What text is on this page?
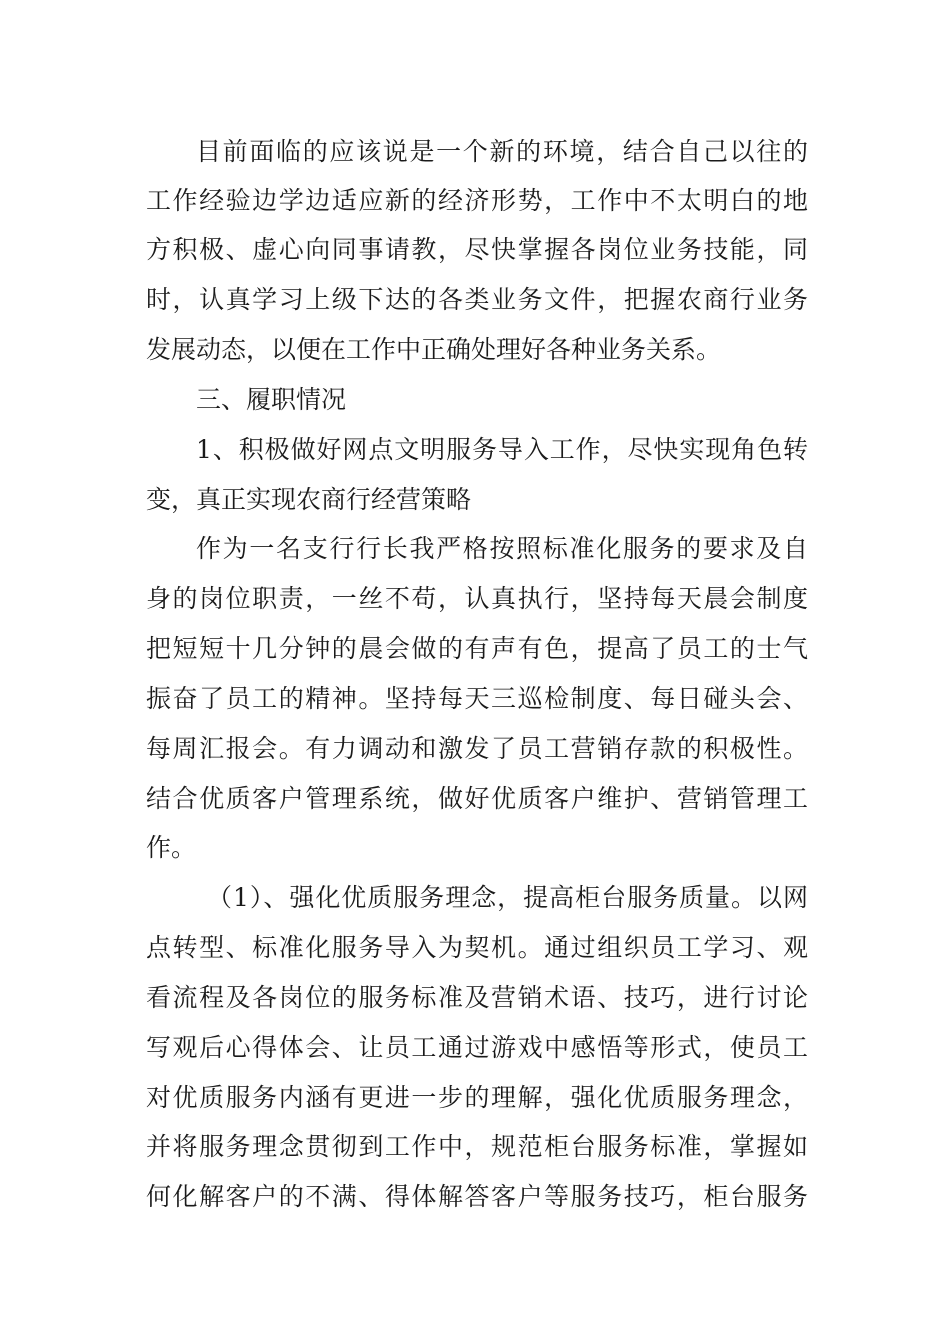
目前面临的应该说是一个新的环境，结合自己以往的
工作经验边学边适应新的经济形势，工作中不太明白的地
方积极、虚心向同事请教，尽快掌握各岗位业务技能，同
时，认真学习上级下达的各类业务文件，把握农商行业务
发展动态，以便在工作中正确处理好各种业务关系。
三、履职情况
1、积极做好网点文明服务导入工作，尽快实现角色转
变，真正实现农商行经营策略
作为一名支行行长我严格按照标准化服务的要求及自
身的岗位职责，一丝不苟，认真执行，坚持每天晨会制度
把短短十几分钟的晨会做的有声有色，提高了员工的士气
振奋了员工的精神。坚持每天三巡检制度、每日碰头会、
每周汇报会。有力调动和激发了员工营销存款的积极性。
结合优质客户管理系统，做好优质客户维护、营销管理工
作。
（1）、强化优质服务理念，提高柜台服务质量。以网
点转型、标准化服务导入为契机。通过组织员工学习、观
看流程及各岗位的服务标准及营销术语、技巧，进行讨论
写观后心得体会、让员工通过游戏中感悟等形式，使员工
对优质服务内涵有更进一步的理解，强化优质服务理念，
并将服务理念贯彻到工作中，规范柜台服务标准，掌握如
何化解客户的不满、得体解答客户等服务技巧，柜台服务
